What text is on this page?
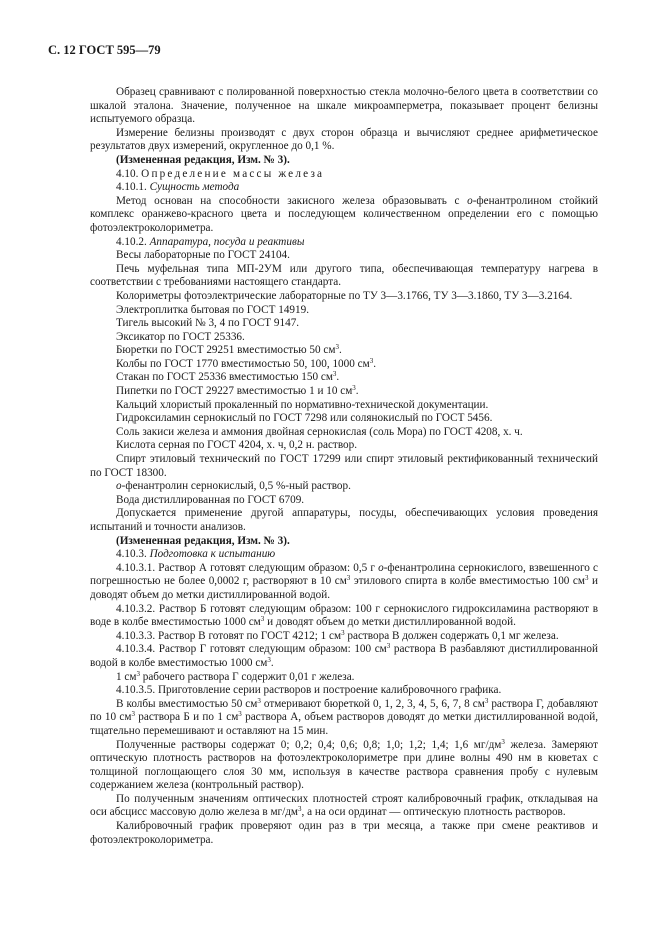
С. 12 ГОСТ 595—79

Образец сравнивают с полированной поверхностью стекла молочно-белого цвета в соответствии со шкалой эталона. Значение, полученное на шкале микроамперметра, показывает процент белизны испытуемого образца.

Измерение белизны производят с двух сторон образца и вычисляют среднее арифметическое результатов двух измерений, округленное до 0,1 %.

(Измененная редакция, Изм. № 3).

4.10. Определение массы железа

4.10.1. Сущность метода

Метод основан на способности закисного железа образовывать с о-фенантролином стойкий комплекс оранжево-красного цвета и последующем количественном определении его с помощью фотоэлектроколориметра.

4.10.2. Аппаратура, посуда и реактивы

Весы лабораторные по ГОСТ 24104.

Печь муфельная типа МП-2УМ или другого типа, обеспечивающая температуру нагрева в соответствии с требованиями настоящего стандарта.

Колориметры фотоэлектрические лабораторные по ТУ 3—3.1766, ТУ 3—3.1860, ТУ 3—3.2164.

Электроплитка бытовая по ГОСТ 14919.

Тигель высокий № 3, 4 по ГОСТ 9147.

Эксикатор по ГОСТ 25336.

Бюретки по ГОСТ 29251 вместимостью 50 $см^3$.

Колбы по ГОСТ 1770 вместимостью 50, 100, 1000 $см^3$.

Стакан по ГОСТ 25336 вместимостью 150 $см^3$.

Пипетки по ГОСТ 29227 вместимостью 1 и 10 $см^3$.

Кальций хлористый прокаленный по нормативно-технической документации.

Гидроксиламин сернокислый по ГОСТ 7298 или солянокислый по ГОСТ 5456.

Соль закиси железа и аммония двойная сернокислая (соль Мора) по ГОСТ 4208, х. ч.

Кислота серная по ГОСТ 4204, х. ч, 0,2 н. раствор.

Спирт этиловый технический по ГОСТ 17299 или спирт этиловый ректификованный технический по ГОСТ 18300.

о-фенантролин сернокислый, 0,5 %-ный раствор.

Вода дистиллированная по ГОСТ 6709.

Допускается применение другой аппаратуры, посуды, обеспечивающих условия проведения испытаний и точности анализов.

(Измененная редакция, Изм. № 3).

4.10.3. Подготовка к испытанию

4.10.3.1. Раствор А готовят следующим образом: 0,5 г о-фенантролина сернокислого, взвешенного с погрешностью не более 0,0002 г, растворяют в 10 $см^3$ этилового спирта в колбе вместимостью 100 $см^3$ и доводят объем до метки дистиллированной водой.

4.10.3.2. Раствор Б готовят следующим образом: 100 г сернокислого гидроксиламина растворяют в воде в колбе вместимостью 1000 $см^3$ и доводят объем до метки дистиллированной водой.

4.10.3.3. Раствор В готовят по ГОСТ 4212; 1 $см^3$ раствора В должен содержать 0,1 мг железа.

4.10.3.4. Раствор Г готовят следующим образом: 100 $см^3$ раствора В разбавляют дистиллированной водой в колбе вместимостью 1000 $см^3$.

1 $см^3$ рабочего раствора Г содержит 0,01 г железа.

4.10.3.5. Приготовление серии растворов и построение калибровочного графика.

В колбы вместимостью 50 $см^3$ отмеривают бюреткой 0, 1, 2, 3, 4, 5, 6, 7, 8 $см^3$ раствора Г, добавляют по 10 $см^3$ раствора Б и по 1 $см^3$ раствора А, объем растворов доводят до метки дистиллированной водой, тщательно перемешивают и оставляют на 15 мин.

Полученные растворы содержат 0; 0,2; 0,4; 0,6; 0,8; 1,0; 1,2; 1,4; 1,6 $мг/дм^3$ железа. Замеряют оптическую плотность растворов на фотоэлектроколориметре при длине волны 490 нм в кюветах с толщиной поглощающего слоя 30 мм, используя в качестве раствора сравнения пробу с нулевым содержанием железа (контрольный раствор).

По полученным значениям оптических плотностей строят калибровочный график, откладывая на оси абсцисс массовую долю железа в $мг/дм^3$, а на оси ординат — оптическую плотность растворов.

Калибровочный график проверяют один раз в три месяца, а также при смене реактивов и фотоэлектроколориметра.
